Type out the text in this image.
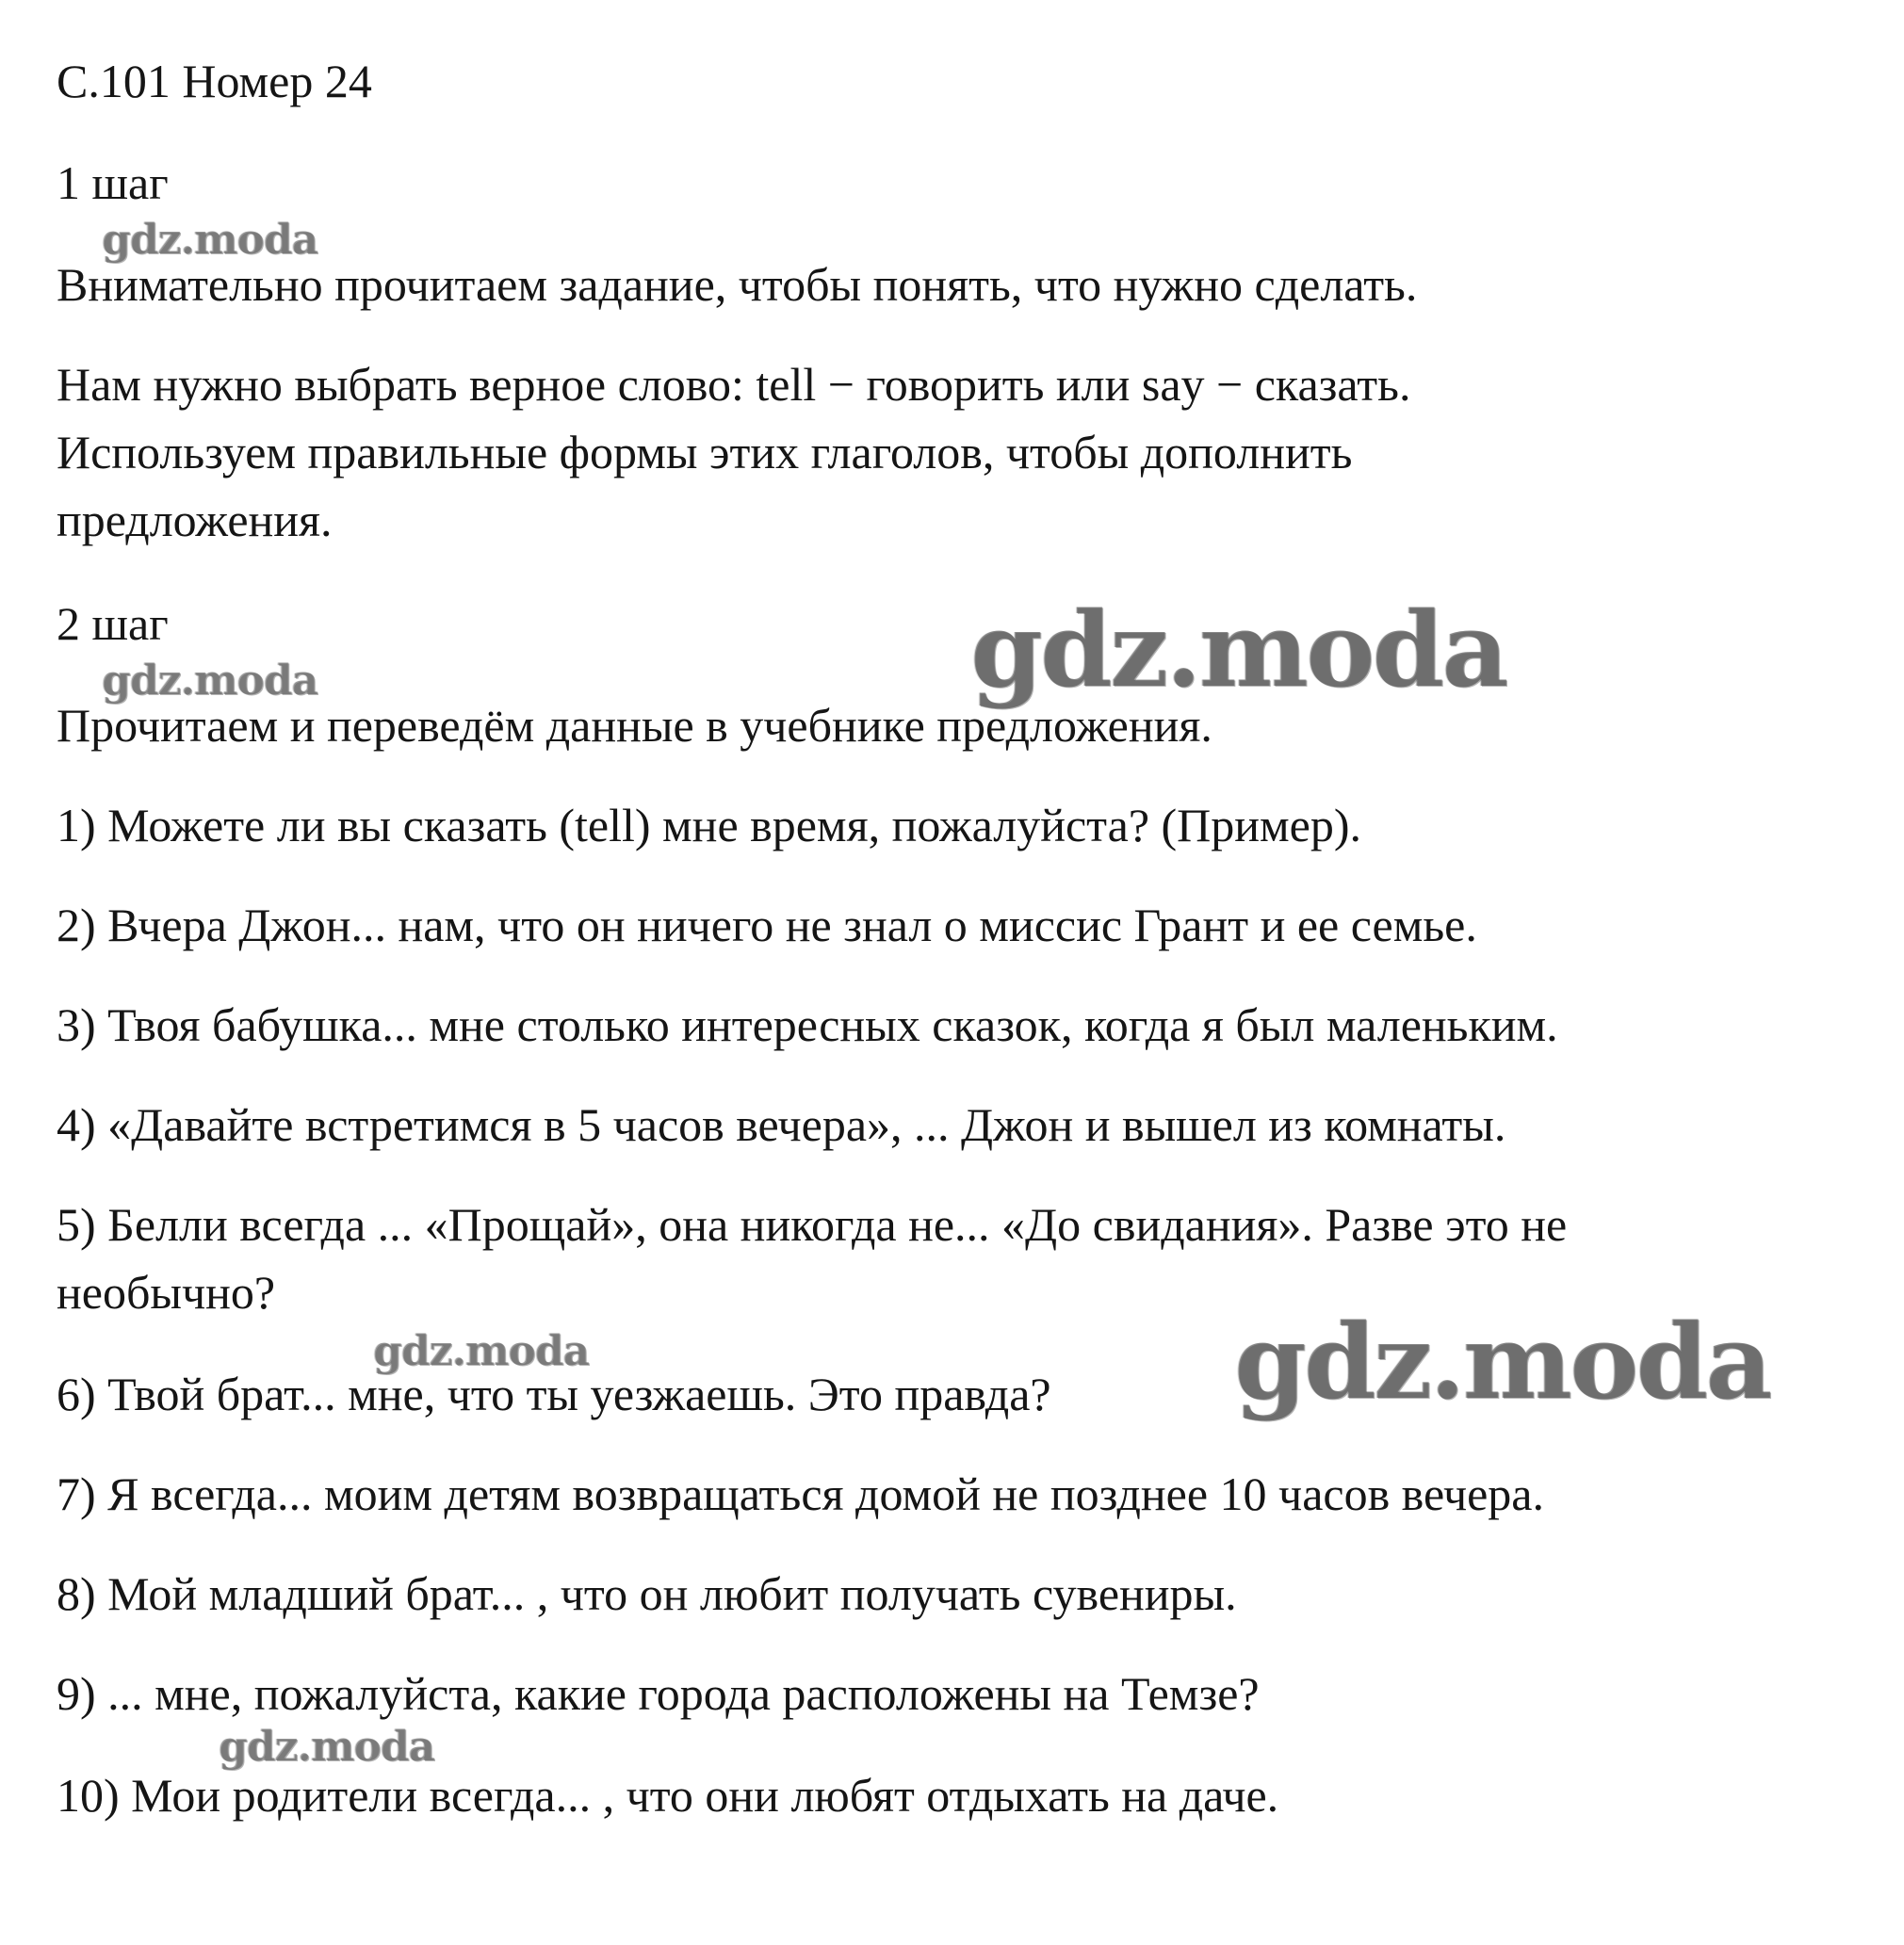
С.101 Номер 24

1 шаг

Внимательно прочитаем задание, чтобы понять, что нужно сделать.

Нам нужно выбрать верное слово: tell − говорить или say − сказать.

Используем правильные формы этих глаголов, чтобы дополнить

предложения.

2 шаг

Прочитаем и переведём данные в учебнике предложения.

1) Можете ли вы сказать (tell) мне время, пожалуйста? (Пример).

2) Вчера Джон... нам, что он ничего не знал о миссис Грант и ее семье.

3) Твоя бабушка... мне столько интересных сказок, когда я был маленьким.

4) «Давайте встретимся в 5 часов вечера», ... Джон и вышел из комнаты.

5) Белли всегда ... «Прощай», она никогда не... «До свидания». Разве это не

необычно?

6) Твой брат... мне, что ты уезжаешь. Это правда?

7) Я всегда... моим детям возвращаться домой не позднее 10 часов вечера.

8) Мой младший брат... , что он любит получать сувениры.

9) ... мне, пожалуйста, какие города расположены на Темзе?

10) Мои родители всегда... , что они любят отдыхать на даче.

gdz.moda

gdz.moda	gdz.moda

gdz.moda	gdz.moda

gdz.moda
